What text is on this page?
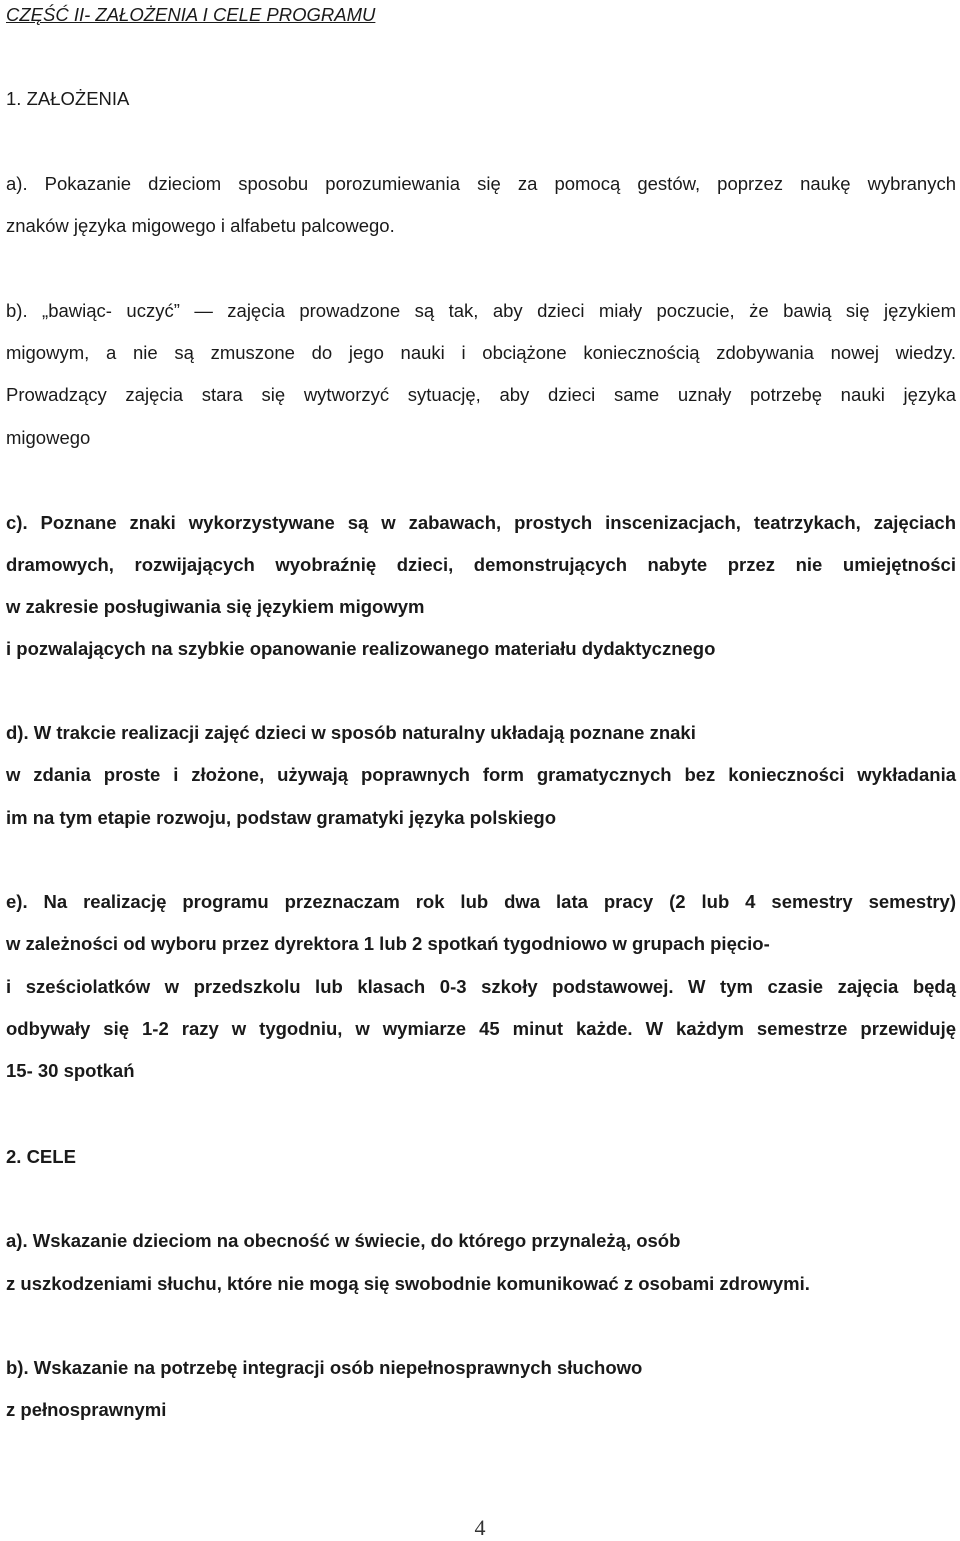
CZĘŚĆ II- ZAŁOŻENIA I CELE PROGRAMU
1. ZAŁOŻENIA
a). Pokazanie dzieciom sposobu porozumiewania się za pomocą gestów, poprzez naukę wybranych
znaków języka migowego i alfabetu palcowego.
b). „bawiąc- uczyć” — zajęcia prowadzone są tak, aby dzieci miały poczucie, że bawią się językiem
migowym, a nie są zmuszone do jego nauki i obciążone koniecznością zdobywania nowej wiedzy.
Prowadzący zajęcia stara się wytworzyć sytuację, aby dzieci same uznały potrzebę nauki języka
migowego
c). Poznane znaki wykorzystywane są w zabawach, prostych inscenizacjach, teatrzykach, zajęciach
dramowych, rozwijających wyobraźnię dzieci, demonstrujących nabyte przez nie umiejętności
w zakresie posługiwania się językiem migowym
i pozwalających na szybkie opanowanie realizowanego materiału dydaktycznego
d). W trakcie realizacji zajęć dzieci w sposób naturalny układają poznane znaki
w zdania proste i złożone, używają poprawnych form gramatycznych bez konieczności wykładania
im na tym etapie rozwoju, podstaw gramatyki języka polskiego
e). Na realizację programu przeznaczam rok lub dwa lata pracy (2 lub 4 semestry semestry)
w zależności od wyboru przez dyrektora 1 lub 2 spotkań tygodniowo w grupach pięcio-
i sześciolatków w przedszkolu lub klasach 0-3 szkoły podstawowej. W tym czasie zajęcia będą
odbywały się 1-2 razy w tygodniu, w wymiarze 45 minut każde. W każdym semestrze przewiduję
15- 30 spotkań
2. CELE
a). Wskazanie dzieciom na obecność w świecie, do którego przynależą, osób
z uszkodzeniami słuchu, które nie mogą się swobodnie komunikować z osobami zdrowymi.
b). Wskazanie na potrzebę integracji osób niepełnosprawnych słuchowo
z pełnosprawnymi
4
